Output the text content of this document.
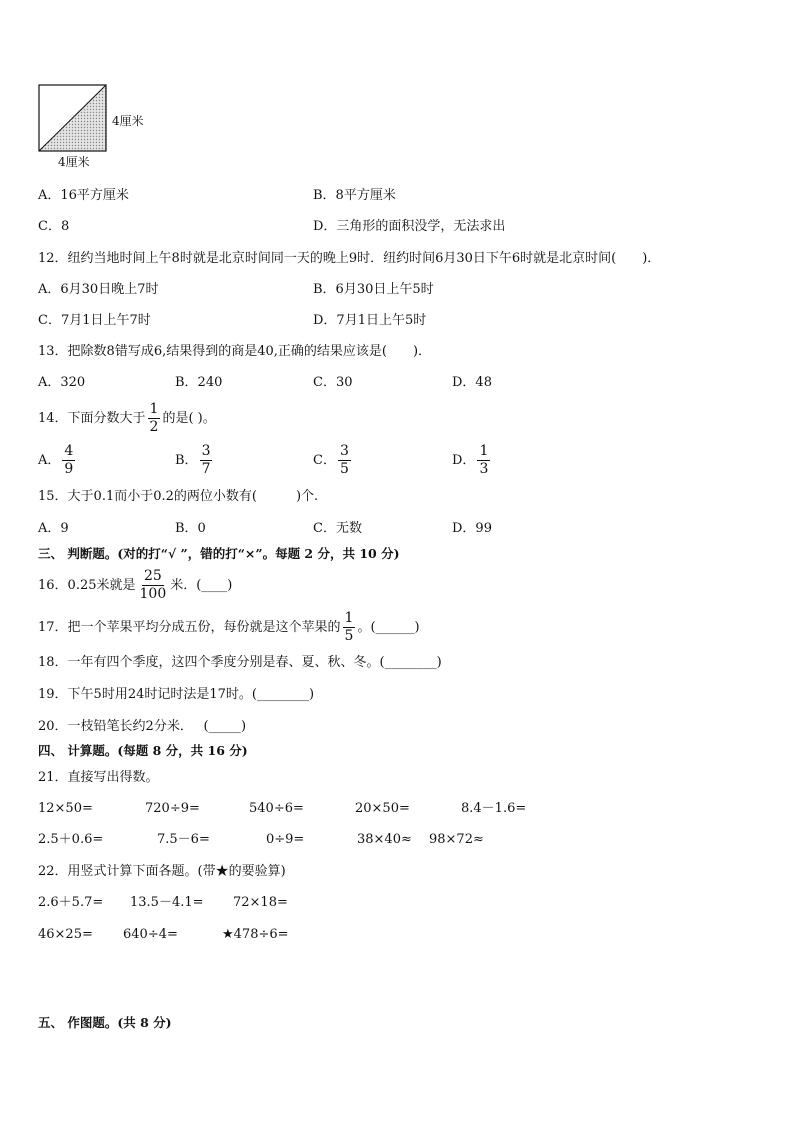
4厘米
4厘米
A．16平方厘米	B．8平方厘米
C．8	D．三角形的面积没学，无法求出
12．纽约当地时间上午8时就是北京时间同一天的晚上9时．纽约时间6月30日下午6时就是北京时间(　　)．
A．6月30日晚上7时	B．6月30日上午5时
C．7月1日上午7时	D．7月1日上午5时
13．把除数8错写成6,结果得到的商是40,正确的结果应该是(　　)．
A．320	B．240	C．30	D．48
14．下面分数大于 $\frac{1}{2}$ 的是( )。
A． $\frac{4}{9}$	B． $\frac{3}{7}$	C． $\frac{3}{5}$	D． $\frac{1}{3}$
15．大于0.1而小于0.2的两位小数有(　　　)个.
A．9	B．0	C．无数	D．99
三、 判断题。(对的打“√ ”，错的打“×”。每题 2 分，共 10 分)
16．0.25米就是 $\frac{25}{100}$ 米．(____)
17．把一个苹果平均分成五份，每份就是这个苹果的 $\frac{1}{5}$ 。(______)
18．一年有四个季度，这四个季度分别是春、夏、秋、冬。(________)
19．下午5时用24时记时法是17时。(________)
20．一枝铅笔长约2分米．　 (_____)
四、 计算题。(每题 8 分，共 16 分)
21．直接写出得数。
12×50=	720÷9=	540÷6=	20×50=	8.4－1.6=
2.5＋0.6=	7.5－6=	0÷9=	38×40≈ 98×72≈
22．用竖式计算下面各题。(带★的要验算)
2.6＋5.7= 13.5－4.1= 72×18=
46×25= 640÷4=	★478÷6=
五、 作图题。(共 8 分)
